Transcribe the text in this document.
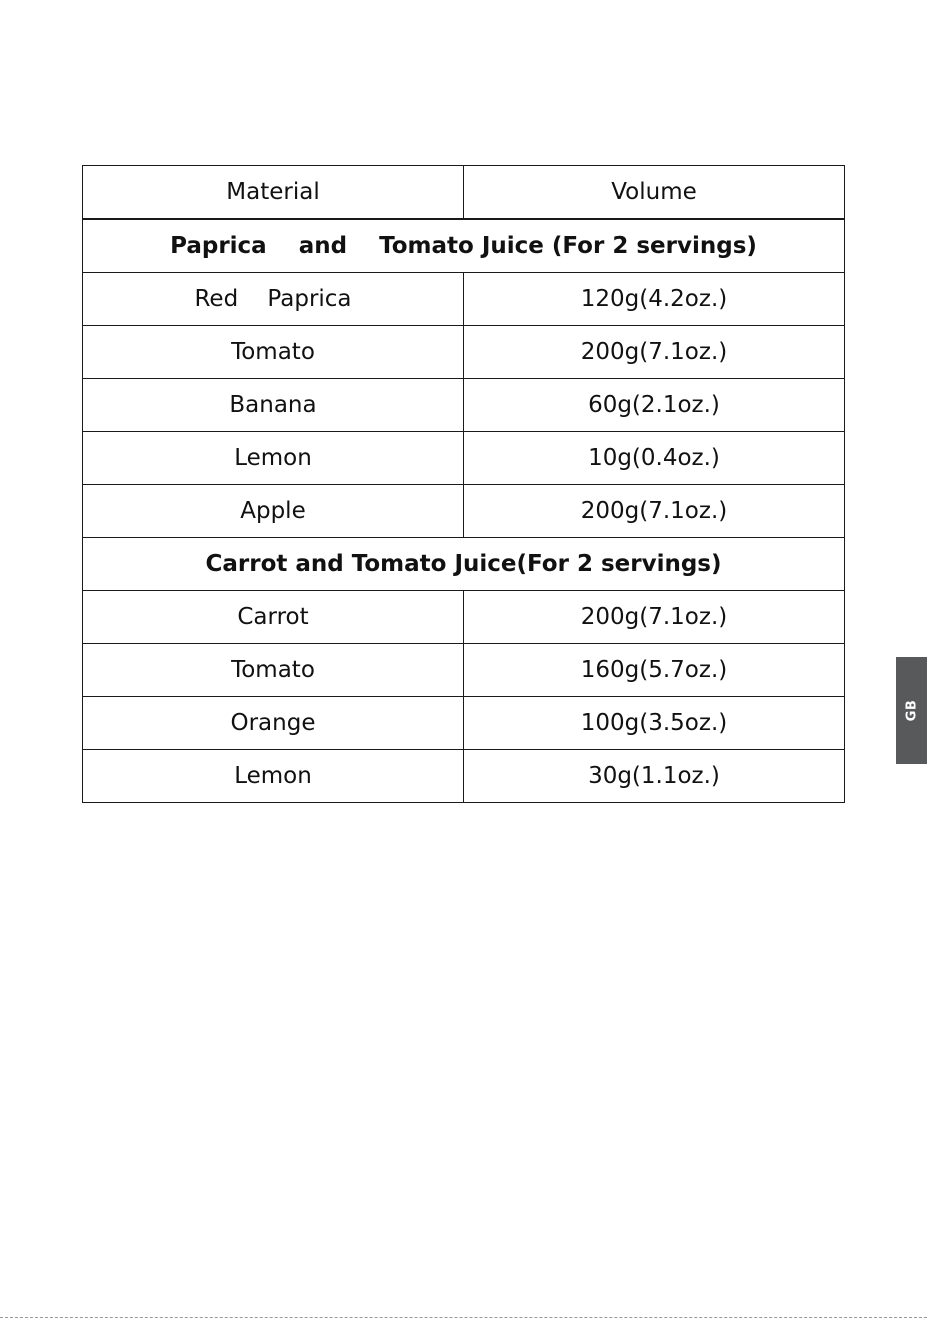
Material	Volume
Paprica    and    Tomato Juice (For 2 servings)	
Red    Paprica	120g(4.2oz.)
Tomato	200g(7.1oz.)
Banana	60g(2.1oz.)
Lemon	10g(0.4oz.)
Apple	200g(7.1oz.)
Carrot and Tomato Juice(For 2 servings)	
Carrot	200g(7.1oz.)
Tomato	160g(5.7oz.)
Orange	100g(3.5oz.)
Lemon	30g(1.1oz.)
GB
